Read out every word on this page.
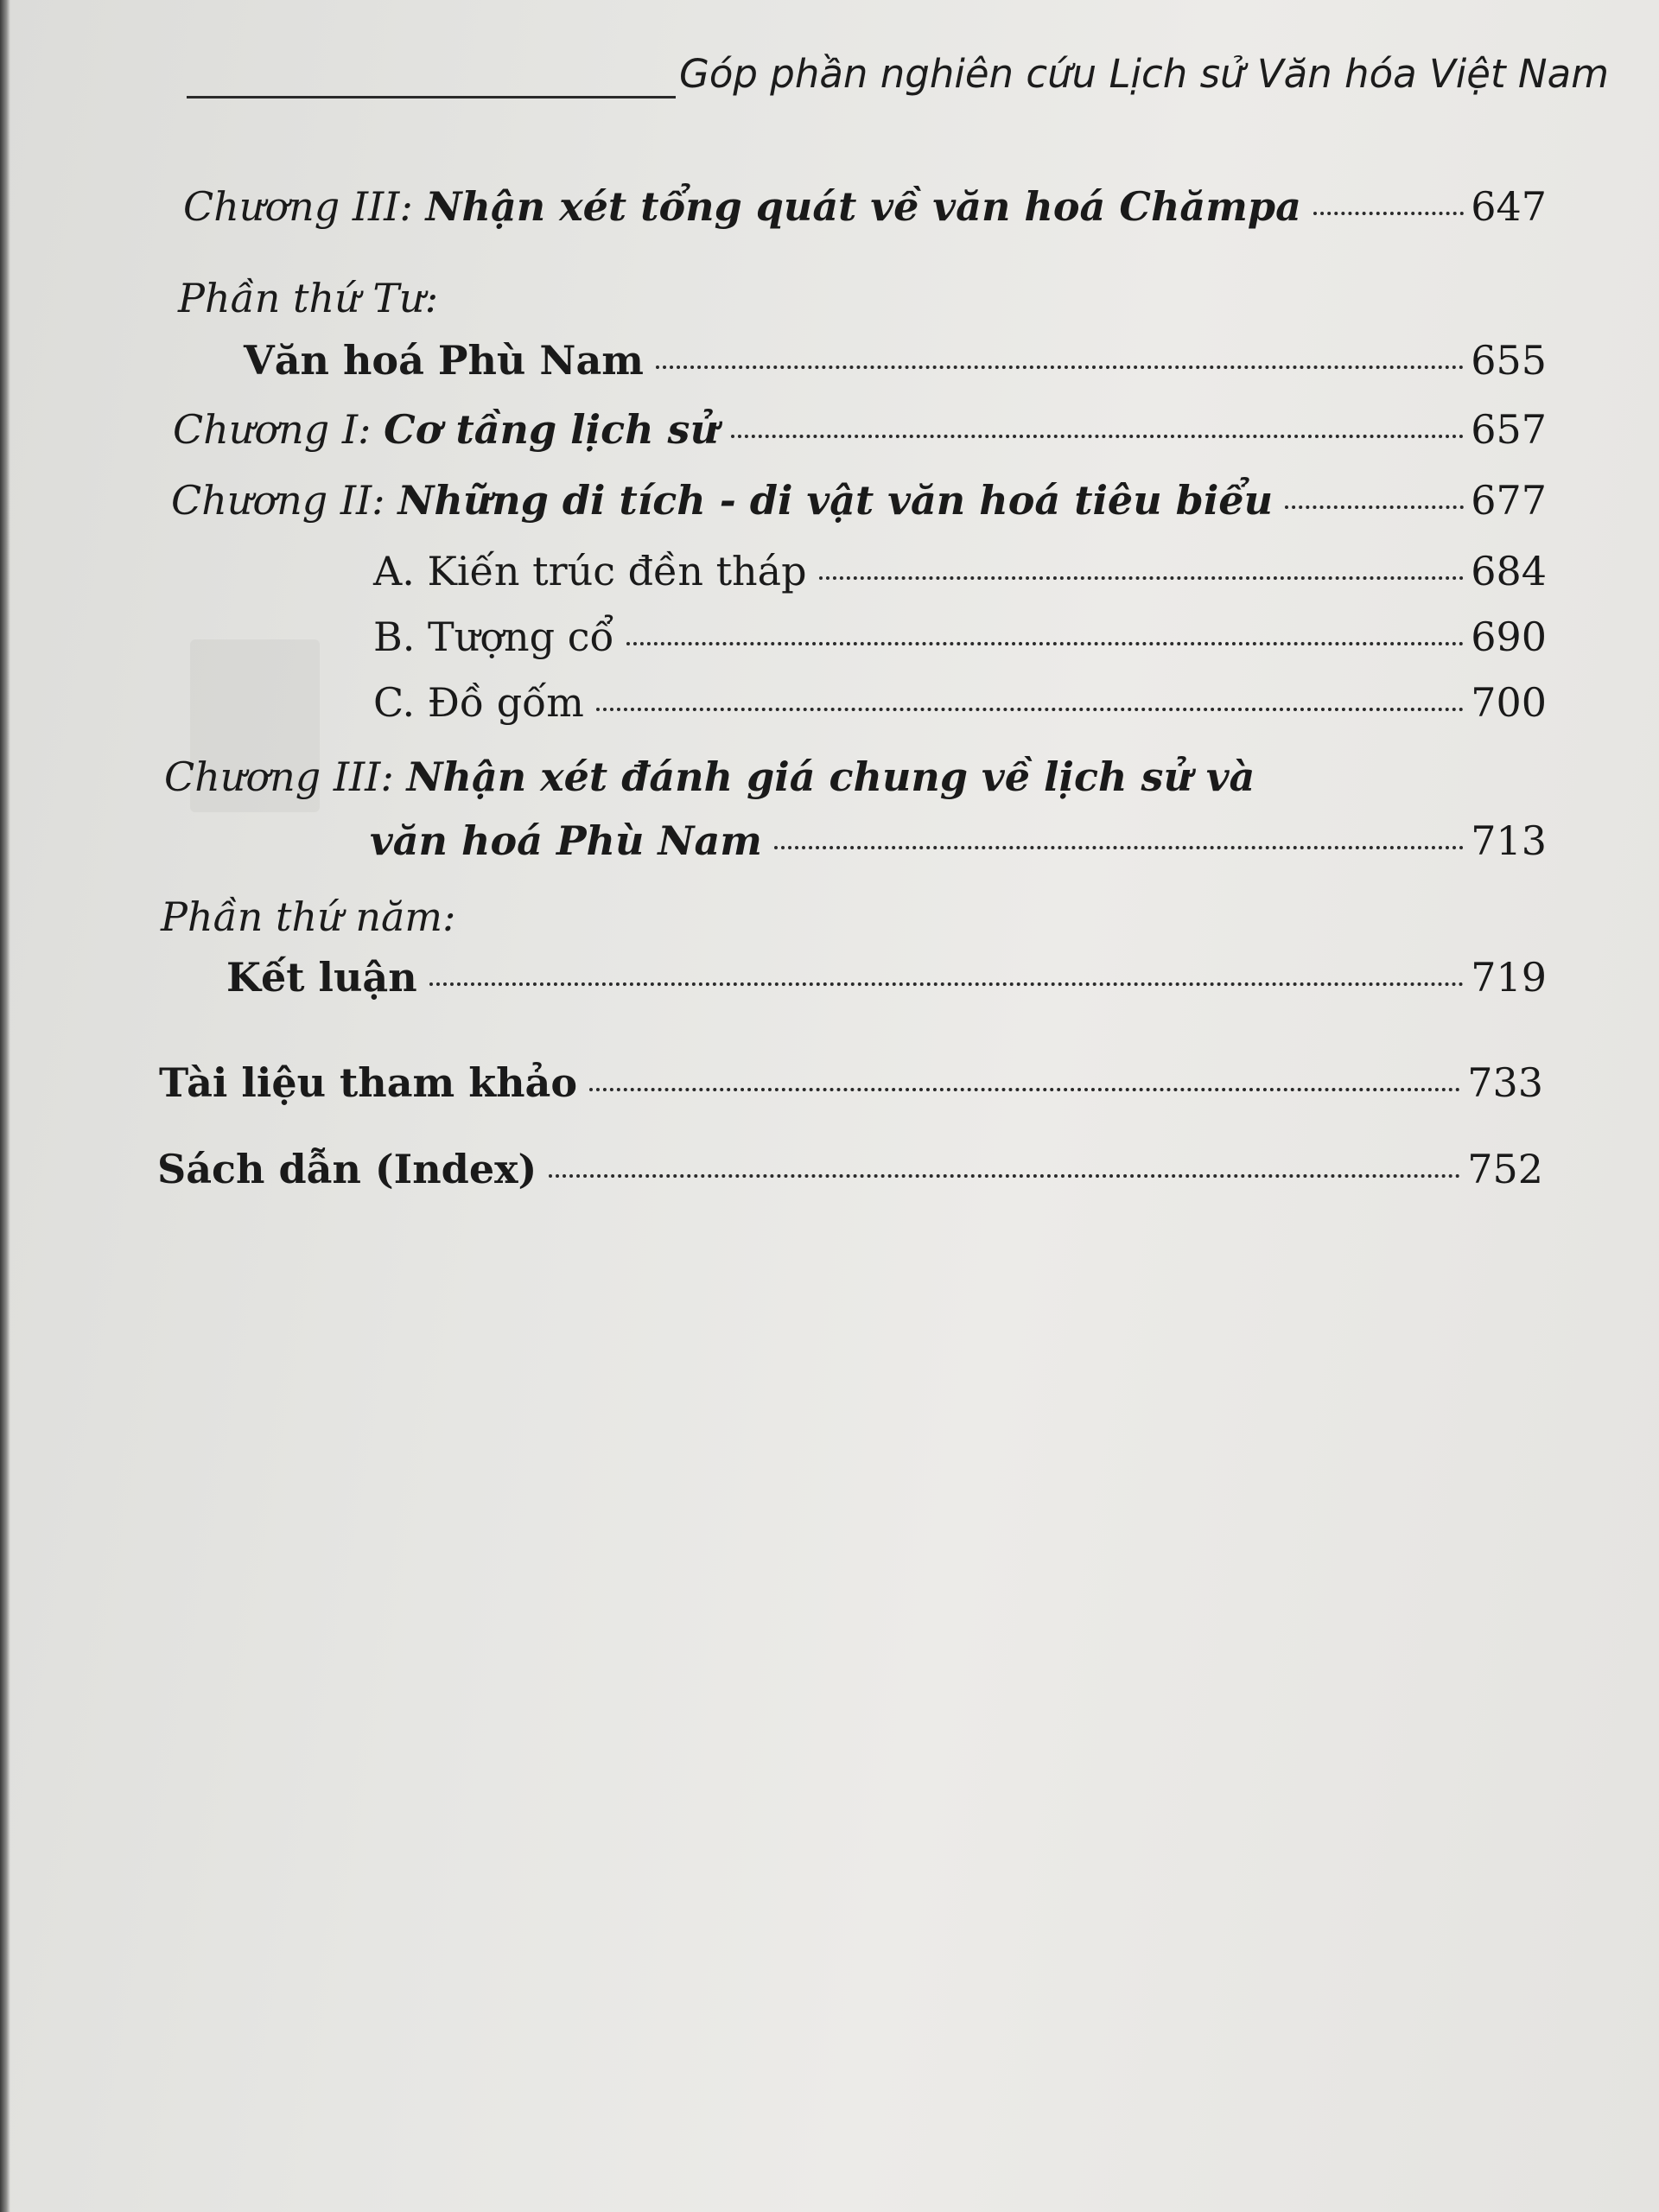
Góp phần nghiên cứu Lịch sử Văn hóa Việt Nam
Chương III: Nhận xét tổng quát về văn hoá Chămpa	647
Phần thứ Tư:
Văn hoá Phù Nam	655
Chương I: Cơ tầng lịch sử	657
Chương II: Những di tích - di vật văn hoá tiêu biểu	677
A. Kiến trúc đền tháp	684
B. Tượng cổ	690
C. Đồ gốm	700
Chương III: Nhận xét đánh giá chung về lịch sử và
văn hoá Phù Nam	713
Phần thứ năm:
Kết luận	719
Tài liệu tham khảo	733
Sách dẫn (Index)	752
